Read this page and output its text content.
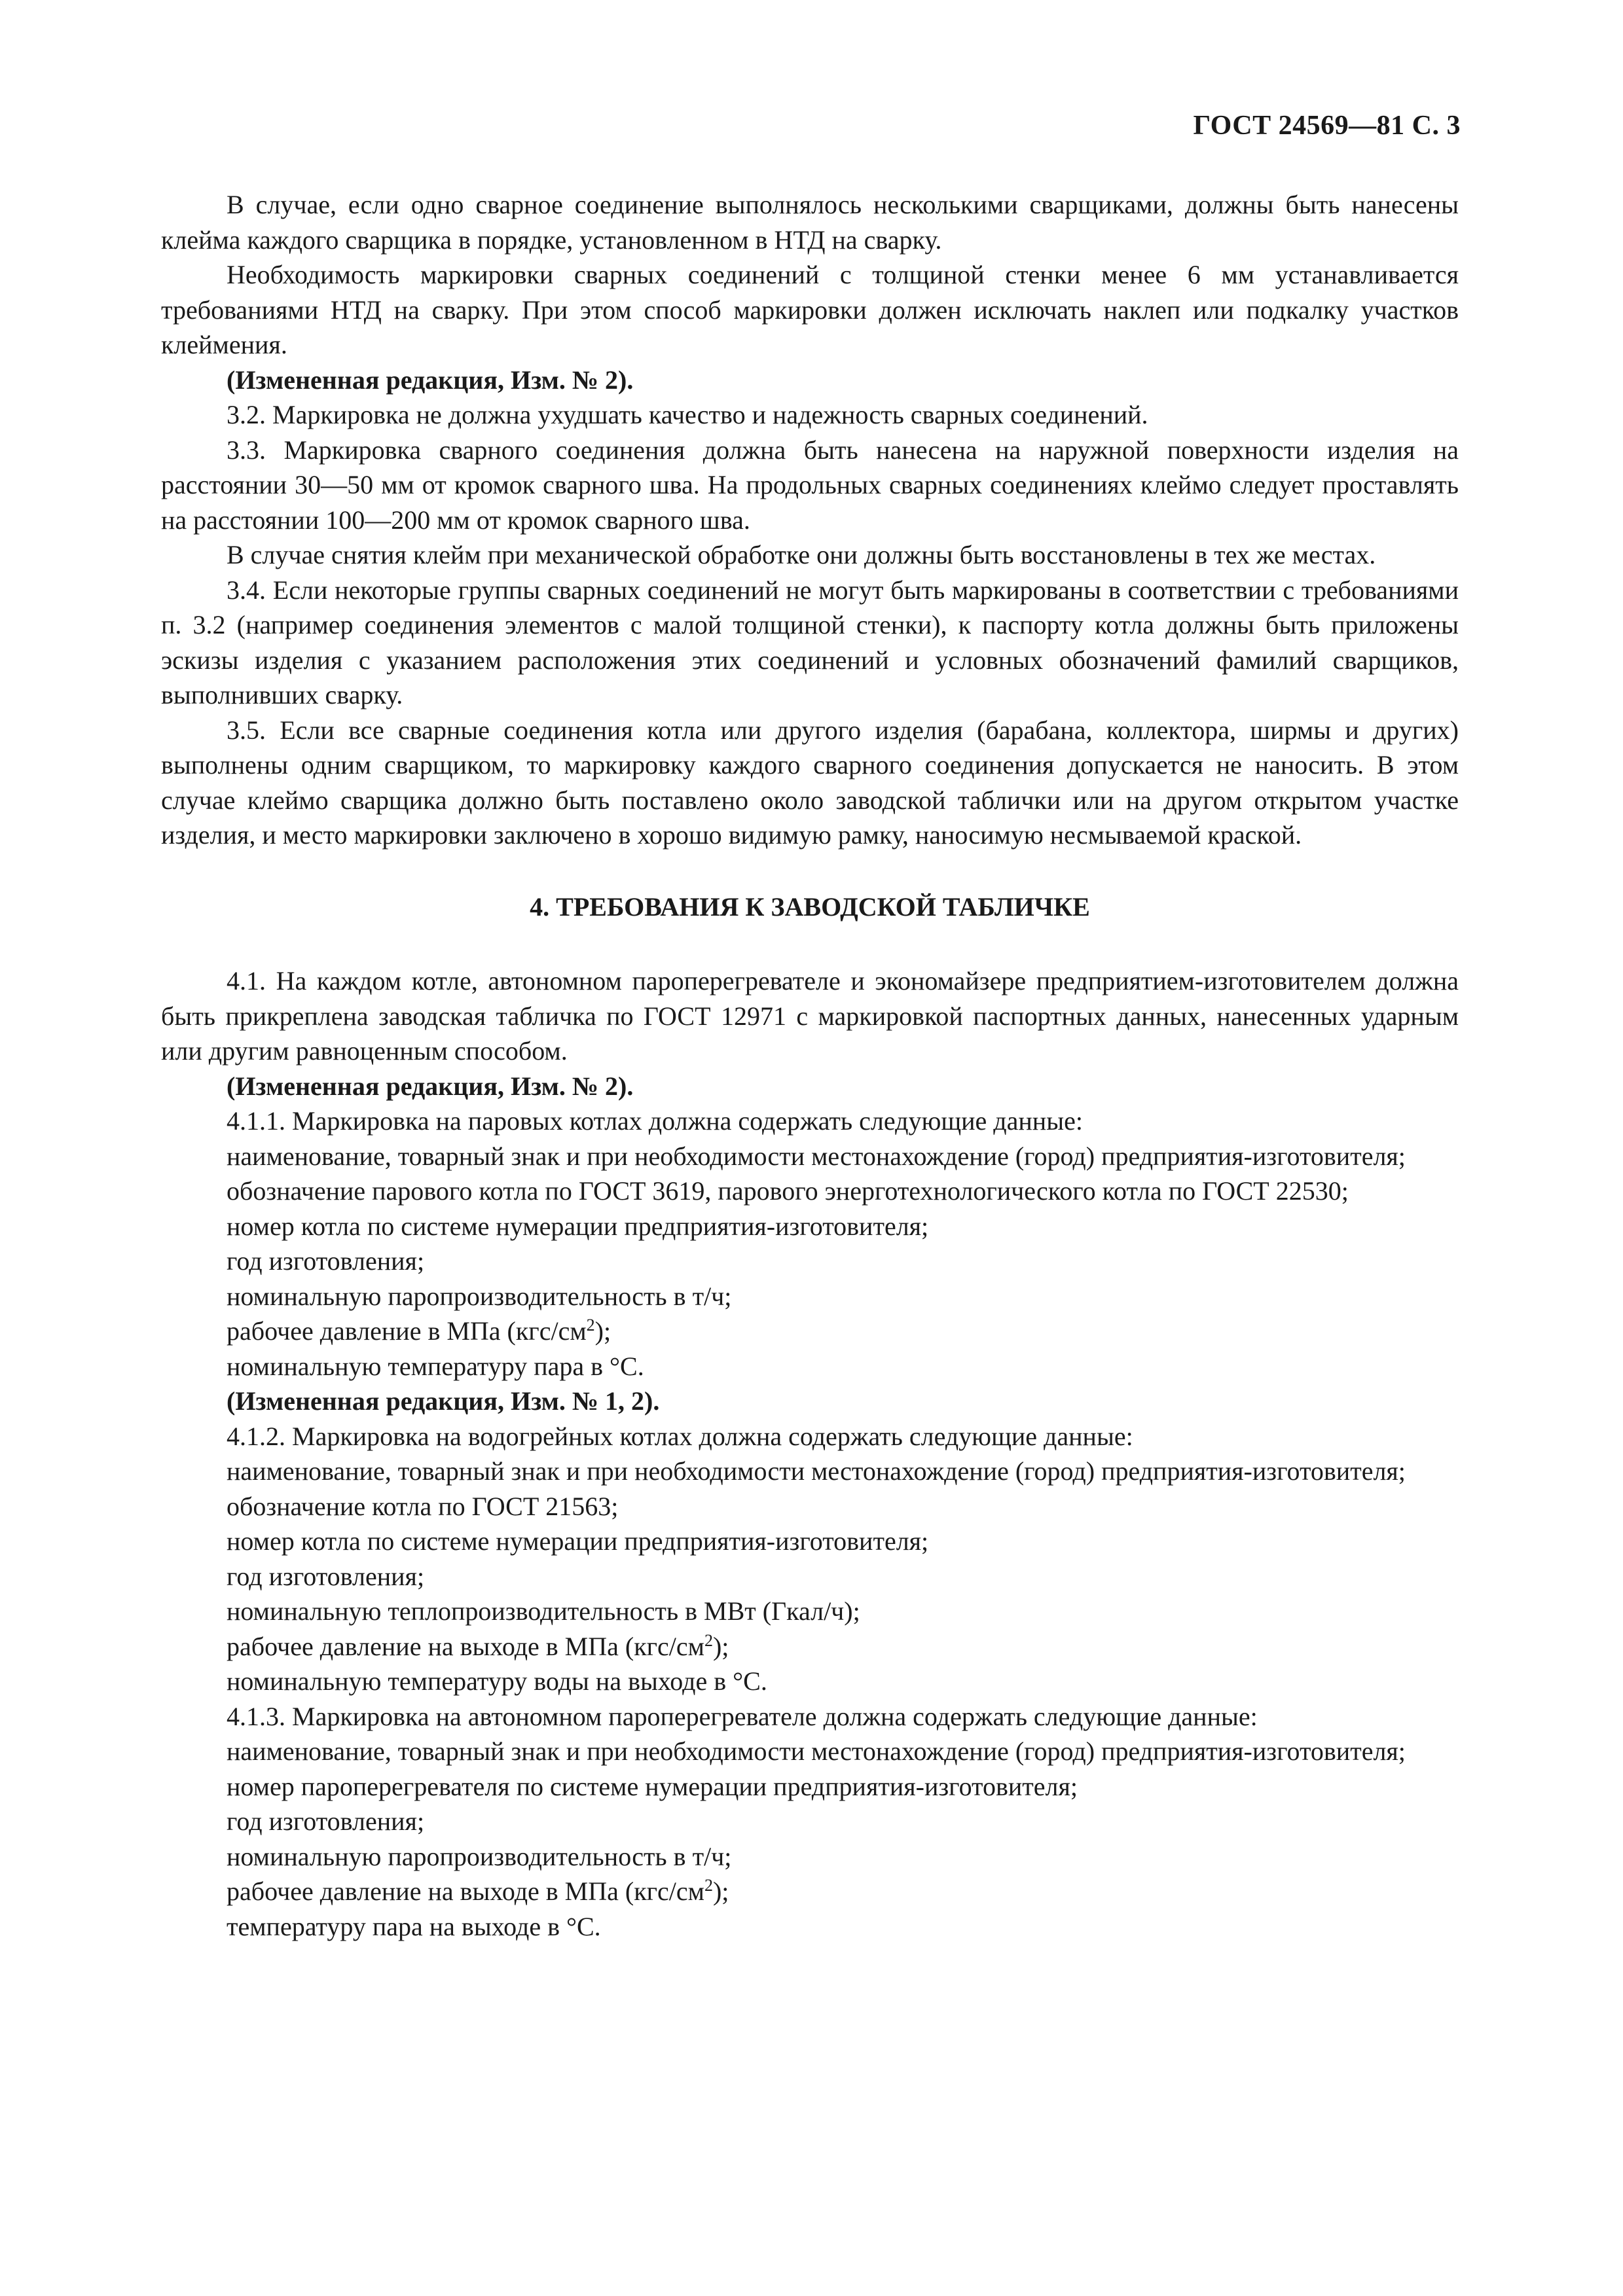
ГОСТ 24569—81 С. 3

В случае, если одно сварное соединение выполнялось несколькими сварщиками, должны быть нанесены клейма каждого сварщика в порядке, установленном в НТД на сварку.

Необходимость маркировки сварных соединений с толщиной стенки менее 6 мм устанавливается требованиями НТД на сварку. При этом способ маркировки должен исключать наклеп или подкалку участков клеймения.

(Измененная редакция, Изм. № 2).

3.2. Маркировка не должна ухудшать качество и надежность сварных соединений.

3.3. Маркировка сварного соединения должна быть нанесена на наружной поверхности изделия на расстоянии 30—50 мм от кромок сварного шва. На продольных сварных соединениях клеймо следует проставлять на расстоянии 100—200 мм от кромок сварного шва.

В случае снятия клейм при механической обработке они должны быть восстановлены в тех же местах.

3.4. Если некоторые группы сварных соединений не могут быть маркированы в соответствии с требованиями п. 3.2 (например соединения элементов с малой толщиной стенки), к паспорту котла должны быть приложены эскизы изделия с указанием расположения этих соединений и условных обозначений фамилий сварщиков, выполнивших сварку.

3.5. Если все сварные соединения котла или другого изделия (барабана, коллектора, ширмы и других) выполнены одним сварщиком, то маркировку каждого сварного соединения допускается не наносить. В этом случае клеймо сварщика должно быть поставлено около заводской таблички или на другом открытом участке изделия, и место маркировки заключено в хорошо видимую рамку, наносимую несмываемой краской.

4. ТРЕБОВАНИЯ К ЗАВОДСКОЙ ТАБЛИЧКЕ

4.1. На каждом котле, автономном пароперегревателе и экономайзере предприятием-изготовителем должна быть прикреплена заводская табличка по ГОСТ 12971 с маркировкой паспортных данных, нанесенных ударным или другим равноценным способом.

(Измененная редакция, Изм. № 2).

4.1.1. Маркировка на паровых котлах должна содержать следующие данные:

наименование, товарный знак и при необходимости местонахождение (город) предприятия-изготовителя;

обозначение парового котла по ГОСТ 3619, парового энерготехнологического котла по ГОСТ 22530;

номер котла по системе нумерации предприятия-изготовителя;

год изготовления;

номинальную паропроизводительность в т/ч;

рабочее давление в МПа $(кгс/см^2)$;

номинальную температуру пара в °С.

(Измененная редакция, Изм. № 1, 2).

4.1.2. Маркировка на водогрейных котлах должна содержать следующие данные:

наименование, товарный знак и при необходимости местонахождение (город) предприятия-изготовителя;

обозначение котла по ГОСТ 21563;

номер котла по системе нумерации предприятия-изготовителя;

год изготовления;

номинальную теплопроизводительность в МВт (Гкал/ч);

рабочее давление на выходе в МПа $(кгс/см^2)$;

номинальную температуру воды на выходе в °С.

4.1.3. Маркировка на автономном пароперегревателе должна содержать следующие данные:

наименование, товарный знак и при необходимости местонахождение (город) предприятия-изготовителя;

номер пароперегревателя по системе нумерации предприятия-изготовителя;

год изготовления;

номинальную паропроизводительность в т/ч;

рабочее давление на выходе в МПа $(кгс/см^2)$;

температуру пара на выходе в °С.
